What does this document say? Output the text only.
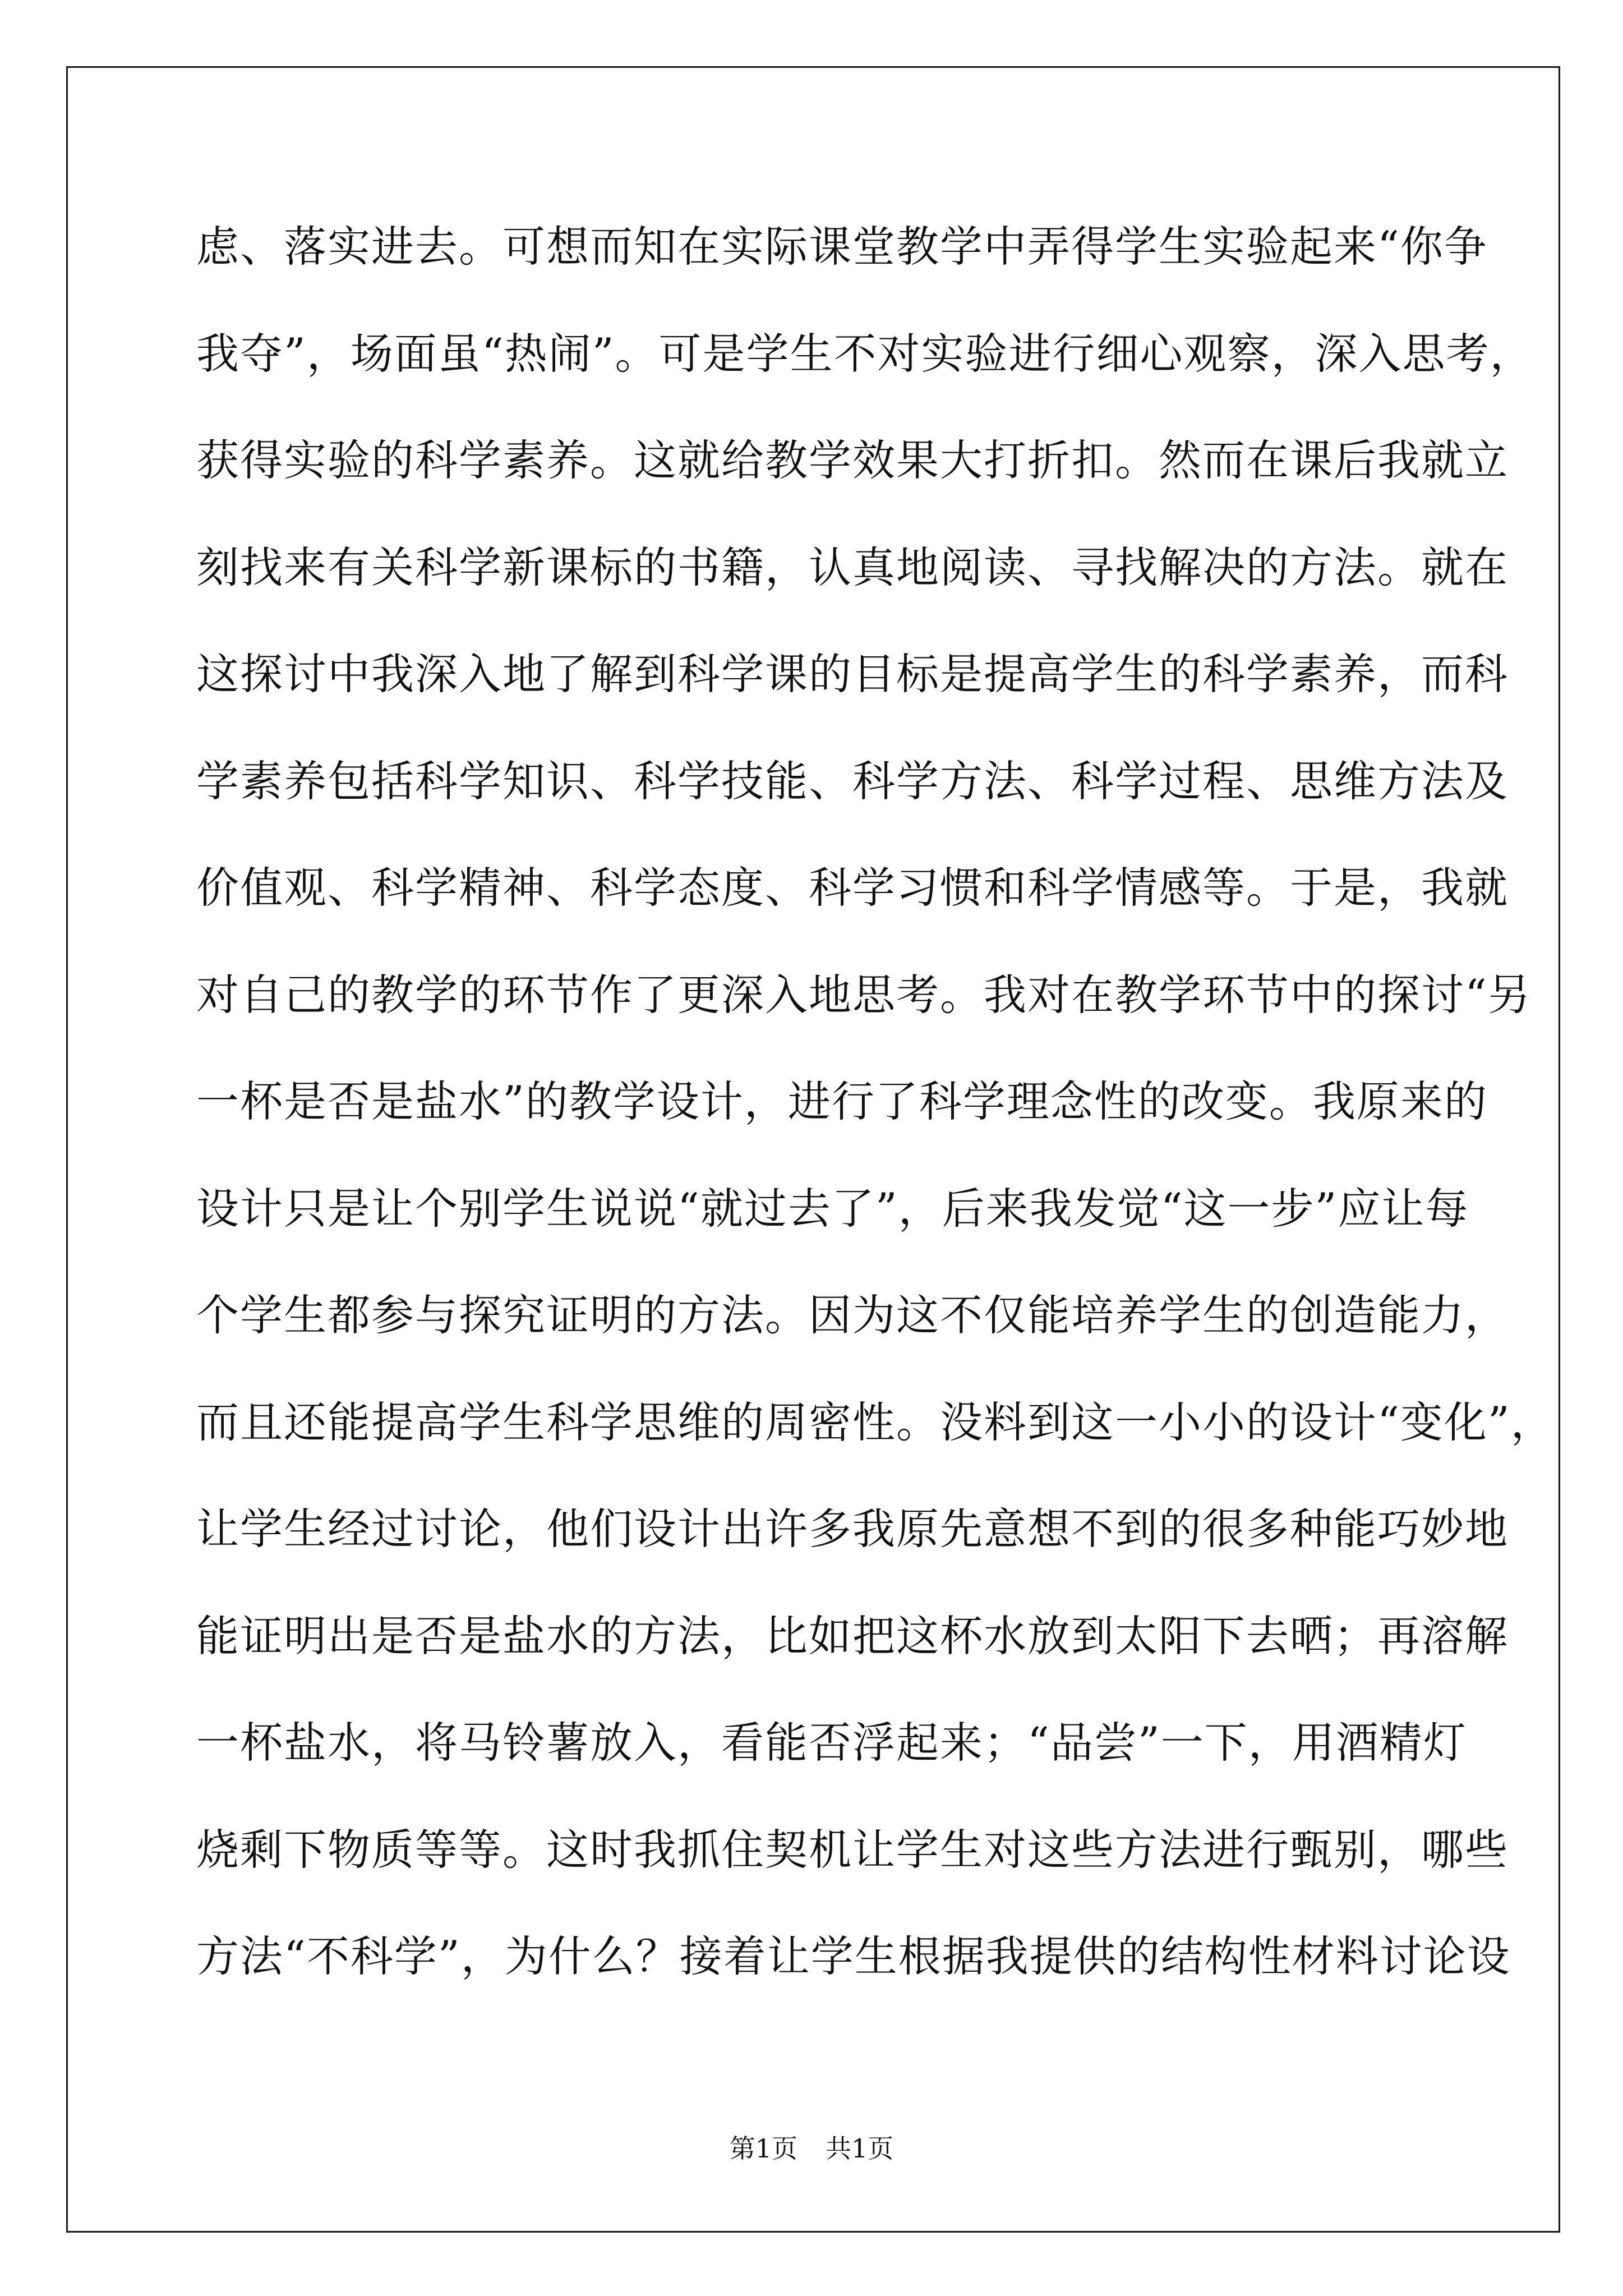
虑、落实进去。可想而知在实际课堂教学中弄得学生实验起来“你争
我夺”，场面虽“热闹”。可是学生不对实验进行细心观察，深入思考，
获得实验的科学素养。这就给教学效果大打折扣。然而在课后我就立
刻找来有关科学新课标的书籍，认真地阅读、寻找解决的方法。就在
这探讨中我深入地了解到科学课的目标是提高学生的科学素养，而科
学素养包括科学知识、科学技能、科学方法、科学过程、思维方法及
价值观、科学精神、科学态度、科学习惯和科学情感等。于是，我就
对自己的教学的环节作了更深入地思考。我对在教学环节中的探讨“另
一杯是否是盐水”的教学设计，进行了科学理念性的改变。我原来的
设计只是让个别学生说说“就过去了”，后来我发觉“这一步”应让每
个学生都参与探究证明的方法。因为这不仅能培养学生的创造能力，
而且还能提高学生科学思维的周密性。没料到这一小小的设计“变化”，
让学生经过讨论，他们设计出许多我原先意想不到的很多种能巧妙地
能证明出是否是盐水的方法，比如把这杯水放到太阳下去晒；再溶解
一杯盐水，将马铃薯放入，看能否浮起来；“品尝”一下，用酒精灯
烧剩下物质等等。这时我抓住契机让学生对这些方法进行甄别，哪些
方法“不科学”，为什么？接着让学生根据我提供的结构性材料讨论设
第1页 共1页
